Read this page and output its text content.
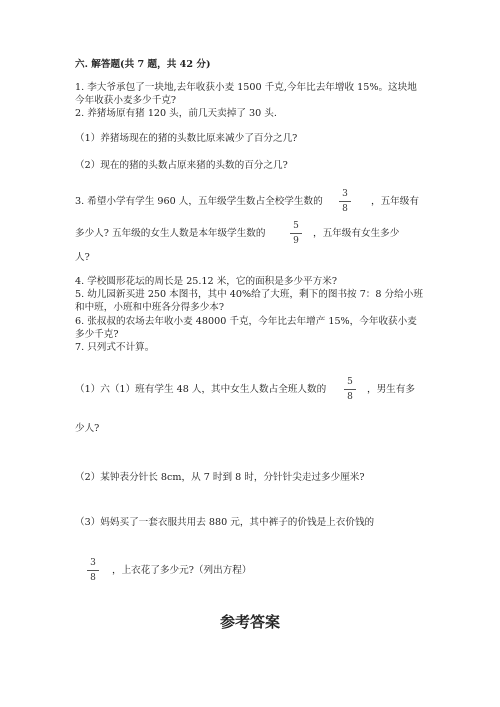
六. 解答题(共 7 题，共 42 分)
1. 李大爷承包了一块地,去年收获小麦 1500 千克,今年比去年增收 15%。这块地
今年收获小麦多少千克?
2. 养猪场原有猪 120 头，前几天卖掉了 30 头.
（1）养猪场现在的猪的头数比原来减少了百分之几?
（2）现在的猪的头数占原来猪的头数的百分之几?
3. 希望小学有学生 960 人，五年级学生数占全校学生数的
3
8
，五年级有
多少人? 五年级的女生人数是本年级学生数的
5
9
，五年级有女生多少
人?
4. 学校圆形花坛的周长是 25.12 米，它的面积是多少平方米?
5. 幼儿园新买进 250 本图书，其中 40%给了大班，剩下的图书按 7：8 分给小班
和中班，小班和中班各分得多少本?
6. 张叔叔的农场去年收小麦 48000 千克，今年比去年增产 15%，今年收获小麦
多少千克?
7. 只列式不计算。
（1）六（1）班有学生 48 人，其中女生人数占全班人数的
5
8
，男生有多
少人?
（2）某钟表分针长 8cm，从 7 时到 8 时，分针针尖走过多少厘米?
（3）妈妈买了一套衣服共用去 880 元，其中裤子的价钱是上衣价钱的
3
8
，上衣花了多少元?（列出方程）
参考答案
